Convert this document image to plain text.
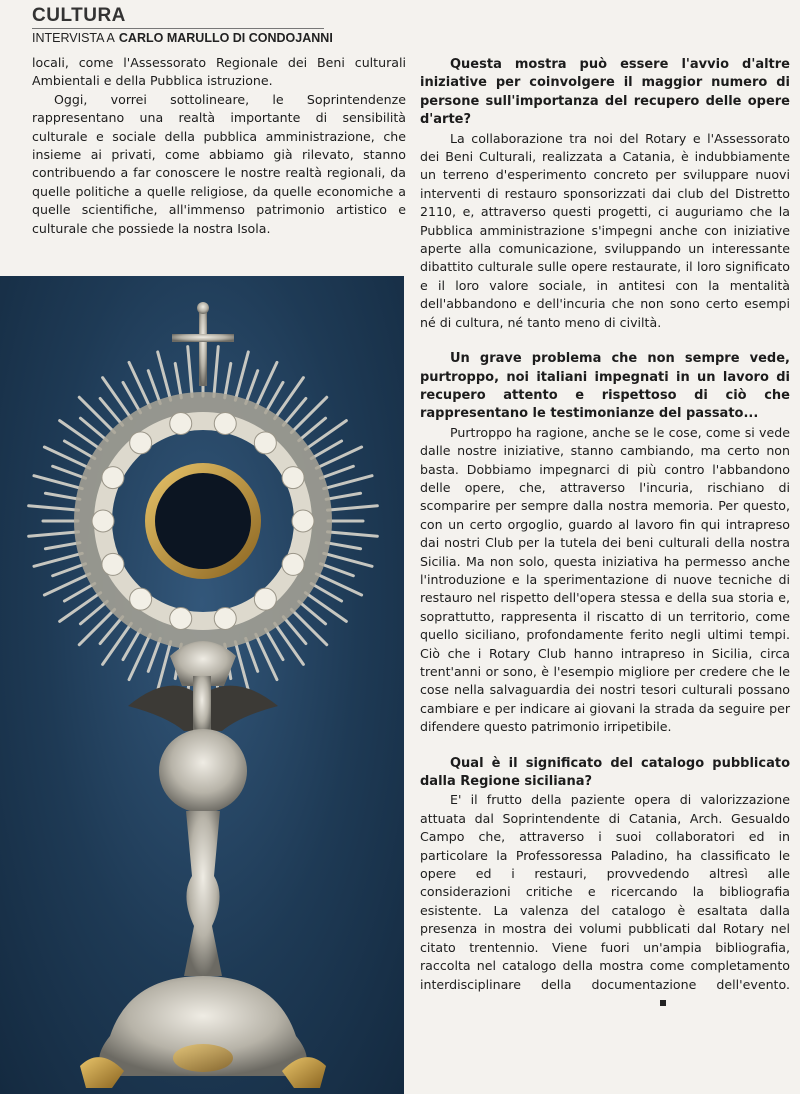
CULTURA
INTERVISTA A CARLO MARULLO DI CONDOJANNI

locali, come l'Assessorato Regionale dei Beni culturali Ambientali e della Pubblica istruzione.

Oggi, vorrei sottolineare, le Soprintendenze rappresentano una realtà importante di sensibilità culturale e sociale della pubblica amministrazione, che insieme ai privati, come abbiamo già rilevato, stanno contribuendo a far conoscere le nostre realtà regionali, da quelle politiche a quelle religiose, da quelle economiche a quelle scientifiche, all'immenso patrimonio artistico e culturale che possiede la nostra Isola.

Questa mostra può essere l'avvio d'altre iniziative per coinvolgere il maggior numero di persone sull'importanza del recupero delle opere d'arte?

La collaborazione tra noi del Rotary e l'Assessorato dei Beni Culturali, realizzata a Catania, è indubbiamente un terreno d'esperimento concreto per sviluppare nuovi interventi di restauro sponsorizzati dai club del Distretto 2110, e, attraverso questi progetti, ci auguriamo che la Pubblica amministrazione s'impegni anche con iniziative aperte alla comunicazione, sviluppando un interessante dibattito culturale sulle opere restaurate, il loro significato e il loro valore sociale, in antitesi con la mentalità dell'abbandono e dell'incuria che non sono certo esempi né di cultura, né tanto meno di civiltà.

Un grave problema che non sempre vede, purtroppo, noi italiani impegnati in un lavoro di recupero attento e rispettoso di ciò che rappresentano le testimonianze del passato...

Purtroppo ha ragione, anche se le cose, come si vede dalle nostre iniziative, stanno cambiando, ma certo non basta. Dobbiamo impegnarci di più contro l'abbandono delle opere, che, attraverso l'incuria, rischiano di scomparire per sempre dalla nostra memoria. Per questo, con un certo orgoglio, guardo al lavoro fin qui intrapreso dai nostri Club per la tutela dei beni culturali della nostra Sicilia. Ma non solo, questa iniziativa ha permesso anche l'introduzione e la sperimentazione di nuove tecniche di restauro nel rispetto dell'opera stessa e della sua storia e, soprattutto, rappresenta il riscatto di un territorio, come quello siciliano, profondamente ferito negli ultimi tempi. Ciò che i Rotary Club hanno intrapreso in Sicilia, circa trent'anni or sono, è l'esempio migliore per credere che le cose nella salvaguardia dei nostri tesori culturali possano cambiare e per indicare ai giovani la strada da seguire per difendere questo patrimonio irripetibile.

Qual è il significato del catalogo pubblicato dalla Regione siciliana?

E' il frutto della paziente opera di valorizzazione attuata dal Soprintendente di Catania, Arch. Gesualdo Campo che, attraverso i suoi collaboratori ed in particolare la Professoressa Paladino, ha classificato le opere ed i restauri, provvedendo altresì alle considerazioni critiche e ricercando la bibliografia esistente. La valenza del catalogo è esaltata dalla presenza in mostra dei volumi pubblicati dal Rotary nel citato trentennio. Viene fuori un'ampia bibliografia, raccolta nel catalogo della mostra come completamento interdisciplinare della documentazione dell'evento.
